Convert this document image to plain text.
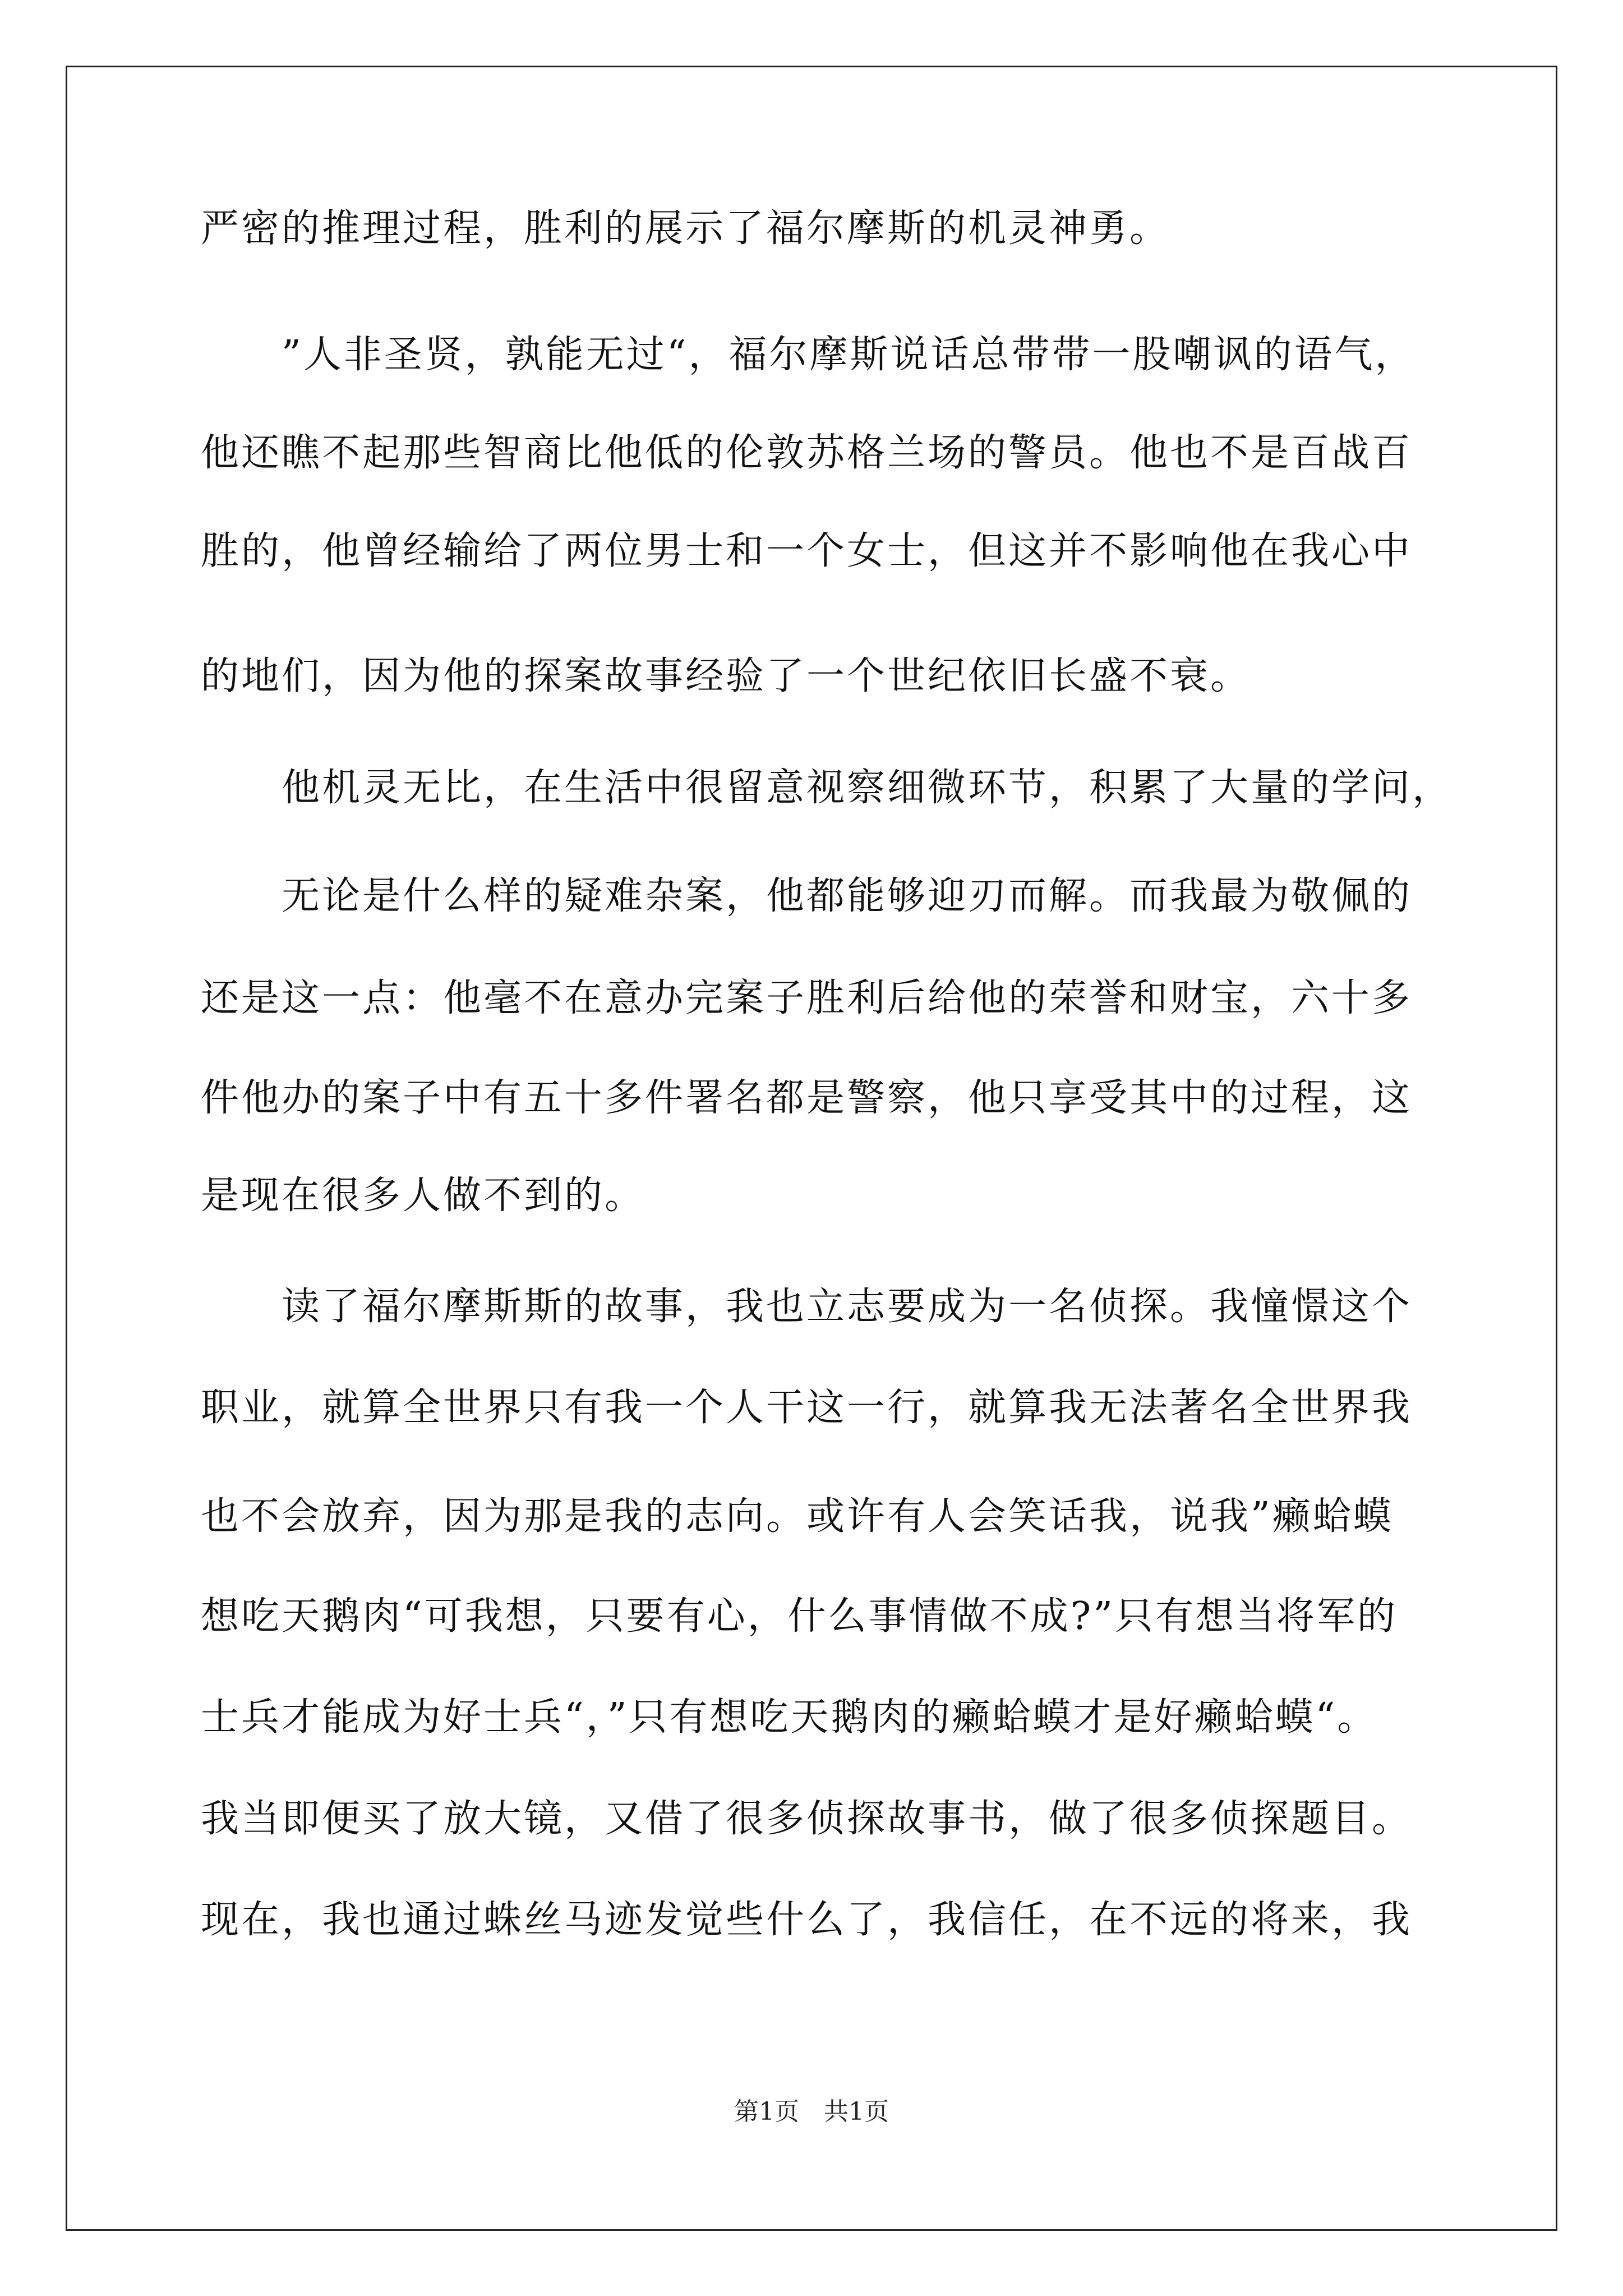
严密的推理过程，胜利的展示了福尔摩斯的机灵神勇。
　　”人非圣贤，孰能无过“，福尔摩斯说话总带带一股嘲讽的语气，
他还瞧不起那些智商比他低的伦敦苏格兰场的警员。他也不是百战百
胜的，他曾经输给了两位男士和一个女士，但这并不影响他在我心中
的地们，因为他的探案故事经验了一个世纪依旧长盛不衰。
　　他机灵无比，在生活中很留意视察细微环节，积累了大量的学问，
　　无论是什么样的疑难杂案，他都能够迎刃而解。而我最为敬佩的
还是这一点：他毫不在意办完案子胜利后给他的荣誉和财宝，六十多
件他办的案子中有五十多件署名都是警察，他只享受其中的过程，这
是现在很多人做不到的。
　　读了福尔摩斯斯的故事，我也立志要成为一名侦探。我憧憬这个
职业，就算全世界只有我一个人干这一行，就算我无法著名全世界我
也不会放弃，因为那是我的志向。或许有人会笑话我，说我”癞蛤蟆
想吃天鹅肉“可我想，只要有心，什么事情做不成?”只有想当将军的
士兵才能成为好士兵“，”只有想吃天鹅肉的癞蛤蟆才是好癞蛤蟆“。
我当即便买了放大镜，又借了很多侦探故事书，做了很多侦探题目。
现在，我也通过蛛丝马迹发觉些什么了，我信任，在不远的将来，我
第1页　共1页
